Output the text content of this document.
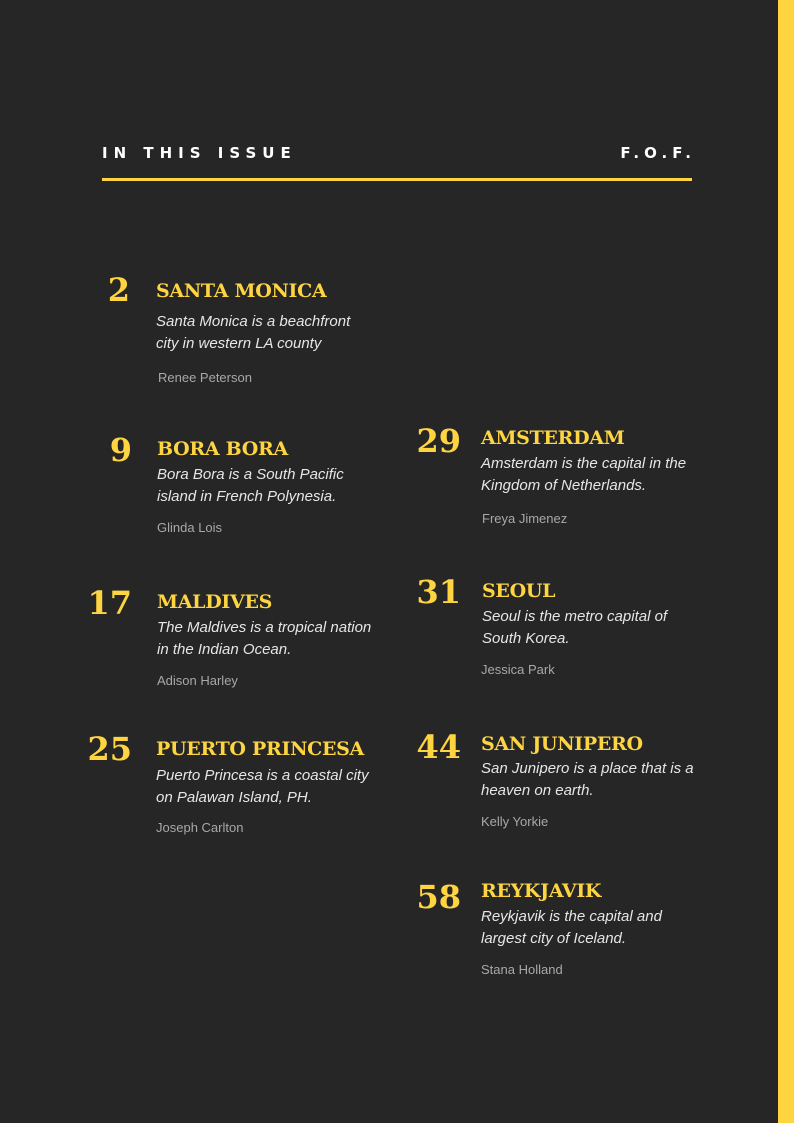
IN THIS ISSUE	F.O.F.
2 SANTA MONICA
Santa Monica is a beachfront city in western LA county
Renee Peterson
9 BORA BORA
Bora Bora is a South Pacific island in French Polynesia.
Glinda Lois
17 MALDIVES
The Maldives is a tropical nation in the Indian Ocean.
Adison Harley
25 PUERTO PRINCESA
Puerto Princesa is a coastal city on Palawan Island, PH.
Joseph Carlton
29 AMSTERDAM
Amsterdam is the capital in the Kingdom of Netherlands.
Freya Jimenez
31 SEOUL
Seoul is the metro capital of South Korea.
Jessica Park
44 SAN JUNIPERO
San Junipero is a place that is a heaven on earth.
Kelly Yorkie
58 REYKJAVIK
Reykjavik is the capital and largest city of Iceland.
Stana Holland
